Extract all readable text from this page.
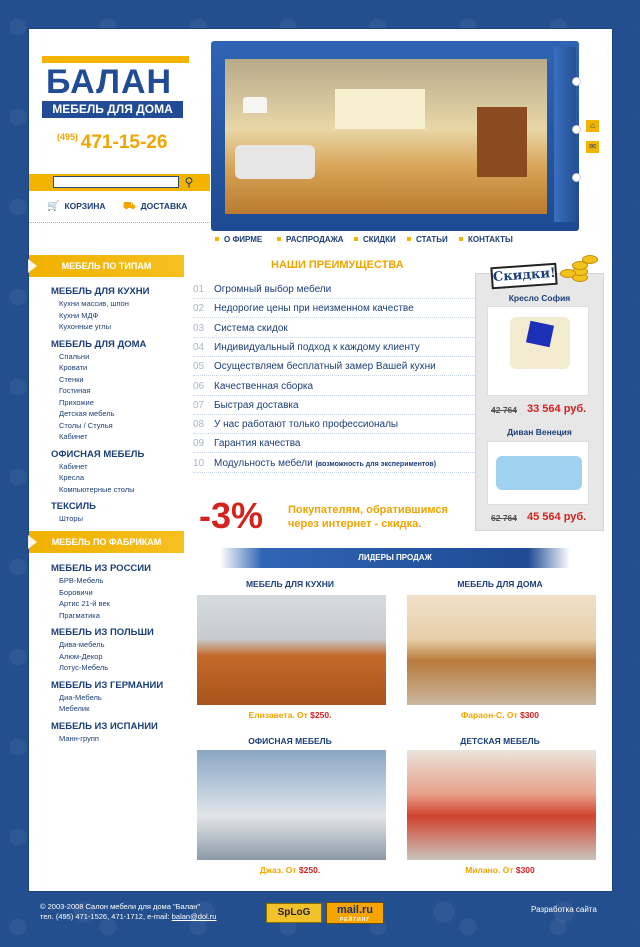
БАЛАН
МЕБЕЛЬ ДЛЯ ДОМА
(495) 471-15-26
⚲
🛒 КОРЗИНА ⛟ ДОСТАВКА
⌂
✉
О ФИРМЕ	РАСПРОДАЖА	СКИДКИ	СТАТЬИ	КОНТАКТЫ
МЕБЕЛЬ ПО ТИПАМ
МЕБЕЛЬ ДЛЯ КУХНИ
Кухни массив, шпон
Кухни МДФ
Кухонные углы
МЕБЕЛЬ ДЛЯ ДОМА
Спальни
Кровати
Стенки
Гостиная
Прихожие
Детская мебель
Столы / Стулья
Кабинет
ОФИСНАЯ МЕБЕЛЬ
Кабинет
Кресла
Компьютерные столы
ТЕКСИЛЬ
Шторы
МЕБЕЛЬ ПО ФАБРИКАМ
МЕБЕЛЬ ИЗ РОССИИ
БРВ-Мебель
Боровичи
Артис 21-й век
Прагматика
МЕБЕЛЬ ИЗ ПОЛЬШИ
Дива-мебель
Алюм-Декор
Лотус-Мебель
МЕБЕЛЬ ИЗ ГЕРМАНИИ
Диа-Мебель
Мебелик
МЕБЕЛЬ ИЗ ИСПАНИИ
Манн-групп
НАШИ ПРЕИМУЩЕСТВА
01 Огромный выбор мебели
02 Недорогие цены при неизменном качестве
03 Система скидок
04 Индивидуальный подход к каждому клиенту
05 Осуществляем бесплатный замер Вашей кухни
06 Качественная сборка
07 Быстрая доставка
08 У нас работают только профессионалы
09 Гарантия качества
10 Модульность мебели (возможность для экспериментов)
-3% Покупателям, обратившимся
через интернет - скидка.
Скидки!
Кресло София
42 764 33 564 руб.
Диван Венеция
62 764 45 564 руб.
ЛИДЕРЫ ПРОДАЖ
МЕБЕЛЬ ДЛЯ КУХНИ
Елизавета. От $250.
МЕБЕЛЬ ДЛЯ ДОМА
Фараон-С. От $300
ОФИСНАЯ МЕБЕЛЬ
Джаз. От $250.
ДЕТСКАЯ МЕБЕЛЬ
Милано. От $300
© 2003-2008 Салон мебели для дома "Балан"
тел. (495) 471-1526, 471-1712, e-mail: balan@dol.ru	SpLoG	mail.ru
РЕЙТИНГ
Разработка сайта
